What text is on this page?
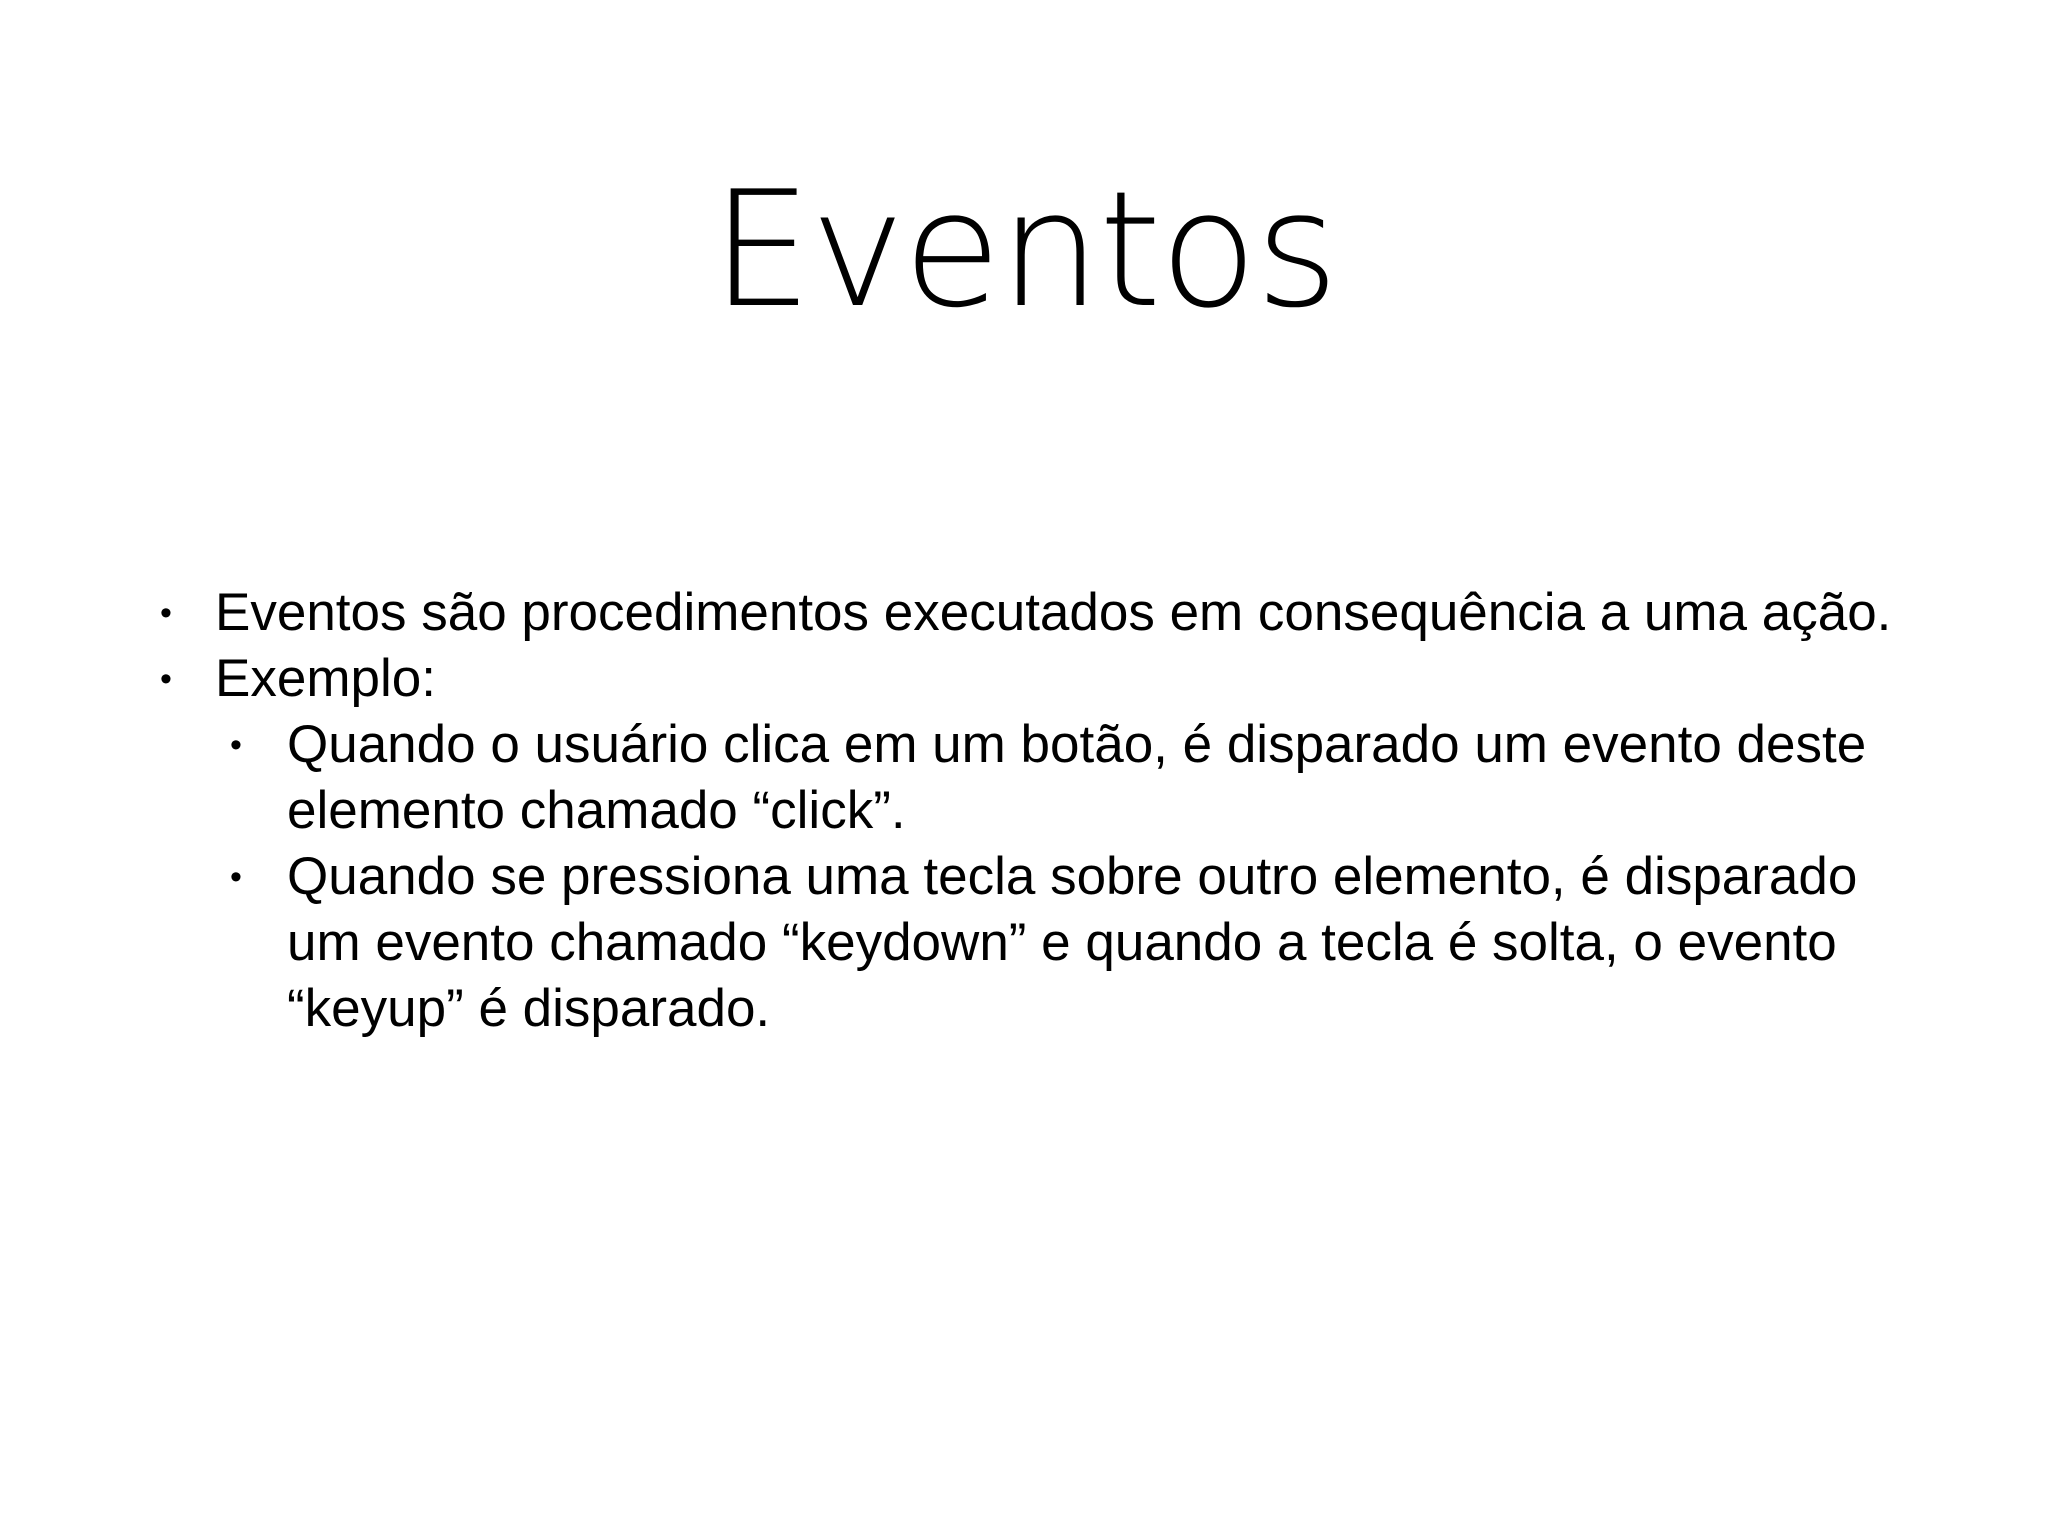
Eventos
• Eventos são procedimentos executados em consequência a uma ação.
• Exemplo:
• Quando o usuário clica em um botão, é disparado um evento deste elemento chamado “click”.
• Quando se pressiona uma tecla sobre outro elemento, é disparado um evento chamado “keydown” e quando a tecla é solta, o evento “keyup” é disparado.
